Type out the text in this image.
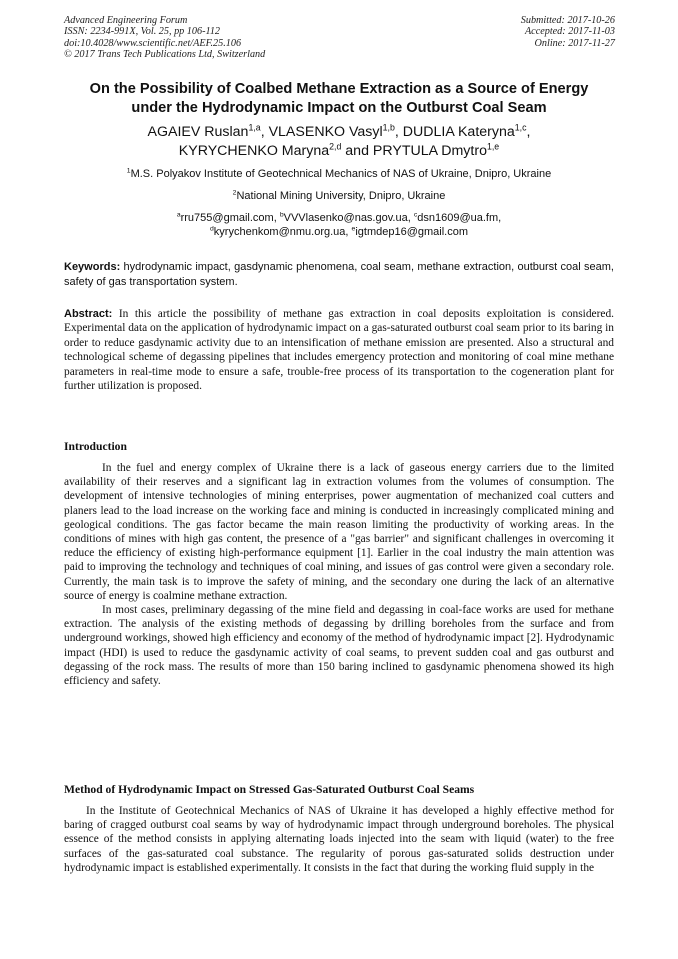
Advanced Engineering Forum
ISSN: 2234-991X, Vol. 25, pp 106-112
doi:10.4028/www.scientific.net/AEF.25.106
© 2017 Trans Tech Publications Ltd, Switzerland
Submitted: 2017-10-26
Accepted: 2017-11-03
Online: 2017-11-27
On the Possibility of Coalbed Methane Extraction as a Source of Energy
under the Hydrodynamic Impact on the Outburst Coal Seam
AGAIEV Ruslan$^{1,a}$, VLASENKO Vasyl$^{1,b}$, DUDLIA Kateryna$^{1,c}$,
KYRYCHENKO Maryna$^{2,d}$ and PRYTULA Dmytro$^{1,e}$
$^1$M.S. Polyakov Institute of Geotechnical Mechanics of NAS of Ukraine, Dnipro, Ukraine
$^2$National Mining University, Dnipro, Ukraine
$^a$rru755@gmail.com, $^b$VVVlasenko@nas.gov.ua, $^c$dsn1609@ua.fm,
$^d$kyrychenkom@nmu.org.ua, $^e$igtmdep16@gmail.com
Keywords: hydrodynamic impact, gasdynamic phenomena, coal seam, methane extraction, outburst coal seam, safety of gas transportation system.
Abstract: In this article the possibility of methane gas extraction in coal deposits exploitation is considered. Experimental data on the application of hydrodynamic impact on a gas-saturated outburst coal seam prior to its baring in order to reduce gasdynamic activity due to an intensification of methane emission are presented. Also a structural and technological scheme of degassing pipelines that includes emergency protection and monitoring of coal mine methane parameters in real-time mode to ensure a safe, trouble-free process of its transportation to the cogeneration plant for further utilization is proposed.
Introduction

In the fuel and energy complex of Ukraine there is a lack of gaseous energy carriers due to the limited availability of their reserves and a significant lag in extraction volumes from the volumes of consumption. The development of intensive technologies of mining enterprises, power augmentation of mechanized coal cutters and planers lead to the load increase on the working face and mining is conducted in increasingly complicated mining and geological conditions. The gas factor became the main reason limiting the productivity of working areas. In the conditions of mines with high gas content, the presence of a "gas barrier" and significant challenges in overcoming it reduce the efficiency of existing high-performance equipment [1]. Earlier in the coal industry the main attention was paid to improving the technology and techniques of coal mining, and issues of gas control were given a secondary role. Currently, the main task is to improve the safety of mining, and the secondary one during the lack of an alternative source of energy is coalmine methane extraction.

In most cases, preliminary degassing of the mine field and degassing in coal-face works are used for methane extraction. The analysis of the existing methods of degassing by drilling boreholes from the surface and from underground workings, showed high efficiency and economy of the method of hydrodynamic impact [2]. Hydrodynamic impact (HDI) is used to reduce the gasdynamic activity of coal seams, to prevent sudden coal and gas outburst and degassing of the rock mass. The results of more than 150 baring inclined to gasdynamic phenomena showed its high efficiency and safety.

Method of Hydrodynamic Impact on Stressed Gas-Saturated Outburst Coal Seams

In the Institute of Geotechnical Mechanics of NAS of Ukraine it has developed a highly effective method for baring of cragged outburst coal seams by way of hydrodynamic impact through underground boreholes. The physical essence of the method consists in applying alternating loads injected into the seam with liquid (water) to the free surfaces of the gas-saturated coal substance. The regularity of porous gas-saturated solids destruction under hydrodynamic impact is established experimentally. It consists in the fact that during the working fluid supply in the
